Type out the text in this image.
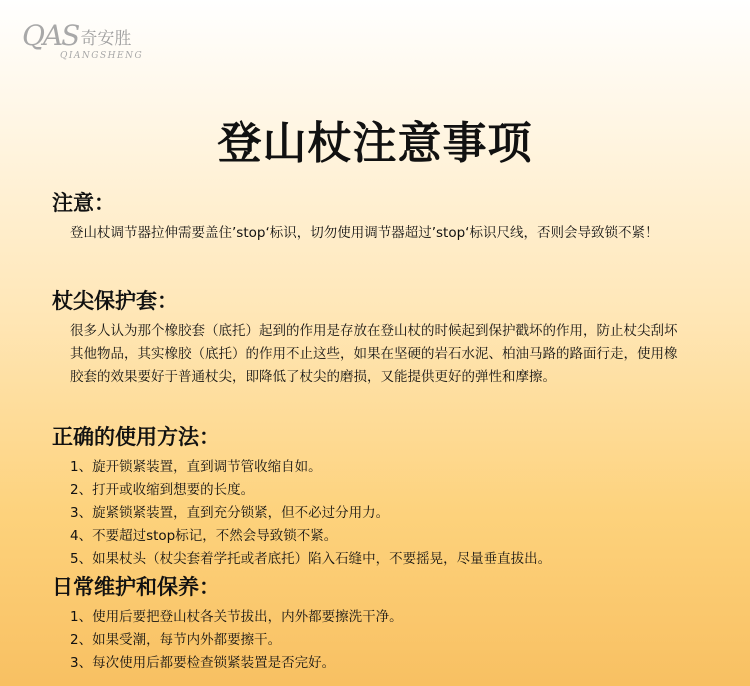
QAS 奇安胜
QIANGSHENG
登山杖注意事项
注意：

登山杖调节器拉伸需要盖住’stop‘标识，切勿使用调节器超过’stop‘标识尺线，否则会导致锁不紧！

杖尖保护套：

很多人认为那个橡胶套（底托）起到的作用是存放在登山杖的时候起到保护戳坏的作用，防止杖尖刮坏其他物品，其实橡胶（底托）的作用不止这些，如果在坚硬的岩石水泥、柏油马路的路面行走，使用橡胶套的效果要好于普通杖尖，即降低了杖尖的磨损，又能提供更好的弹性和摩擦。

正确的使用方法：
1、旋开锁紧装置，直到调节管收缩自如。
2、打开或收缩到想要的长度。
3、旋紧锁紧装置，直到充分锁紧，但不必过分用力。
4、不要超过stop标记，不然会导致锁不紧。
5、如果杖头（杖尖套着学托或者底托）陷入石缝中，不要摇晃，尽量垂直拔出。
日常维护和保养：
1、使用后要把登山杖各关节拔出，内外都要擦洗干净。
2、如果受潮，每节内外都要擦干。
3、每次使用后都要检查锁紧装置是否完好。
